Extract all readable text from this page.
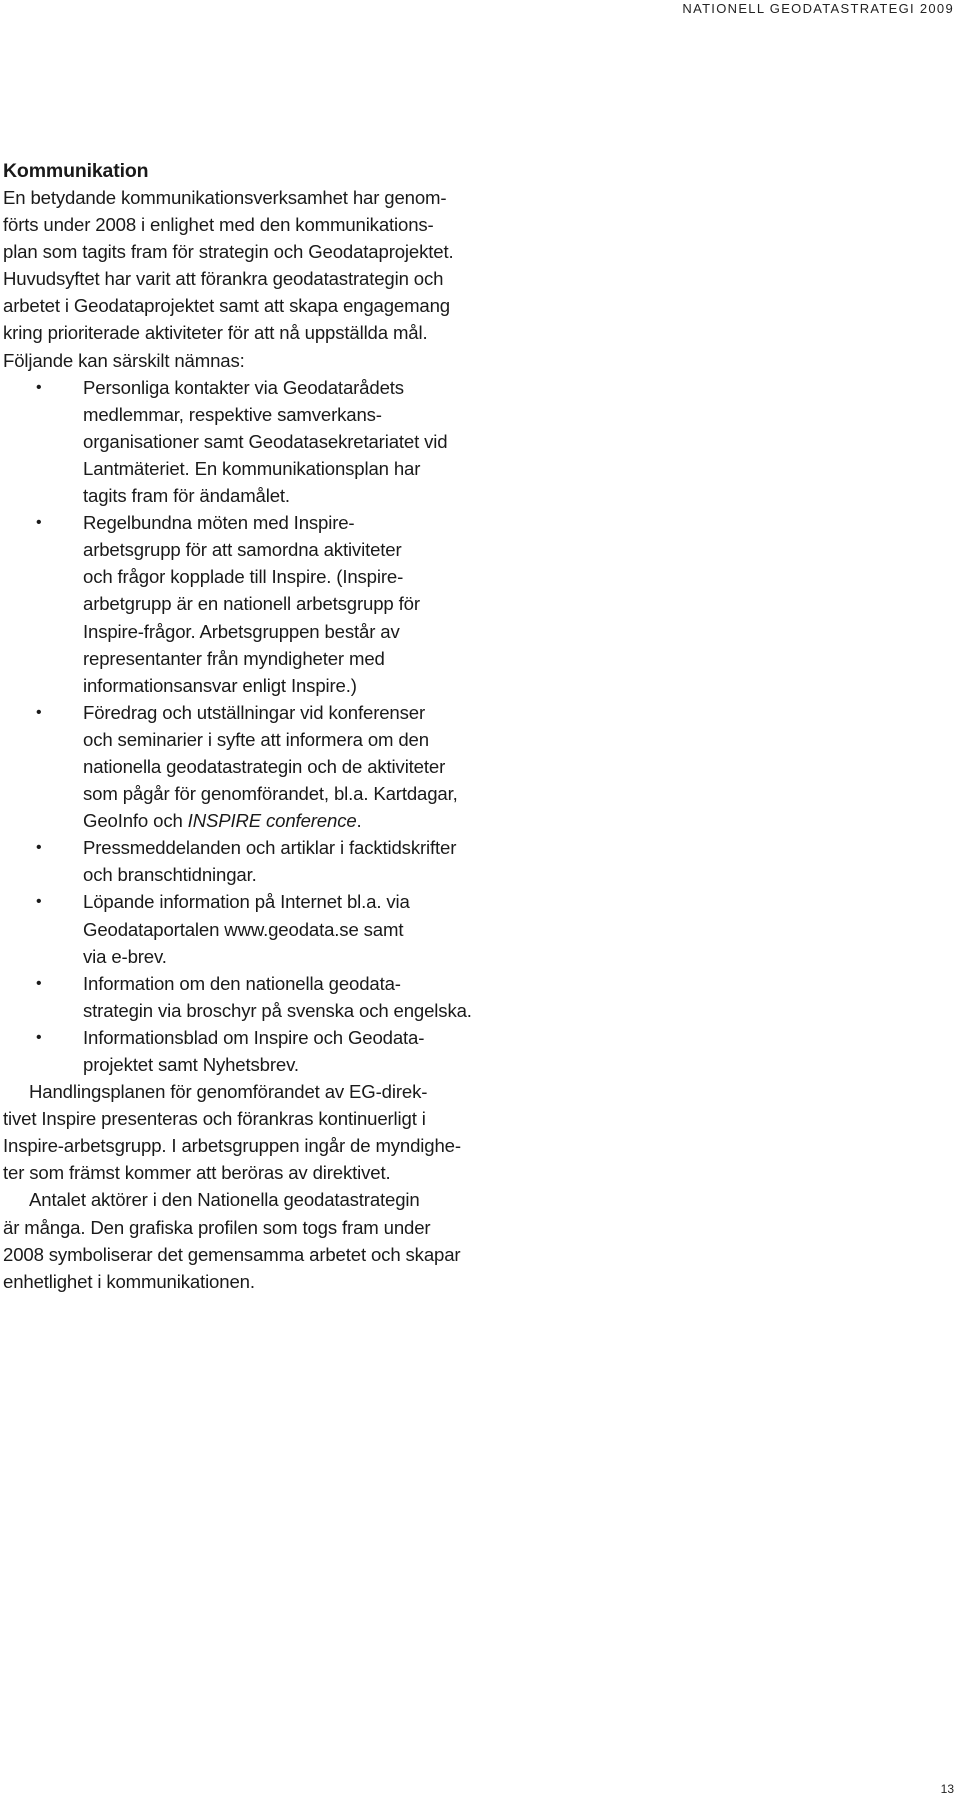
NATIONELL GEODATASTRATEGI 2009
Kommunikation

En betydande kommunikationsverksamhet har genom-
förts under 2008 i enlighet med den kommunikations-
plan som tagits fram för strategin och Geodataprojektet.
Huvudsyftet har varit att förankra geodatastrategin och
arbetet i Geodataprojektet samt att skapa engagemang
kring prioriterade aktiviteter för att nå uppställda mål.
Följande kan särskilt nämnas:

• Personliga kontakter via Geodatarådets
medlemmar, respektive samverkans-
organisationer samt Geodatasekretariatet vid
Lantmäteriet. En kommunikationsplan har
tagits fram för ändamålet.
• Regelbundna möten med Inspire-
arbetsgrupp för att samordna aktiviteter
och frågor kopplade till Inspire. (Inspire-
arbetgrupp är en nationell arbetsgrupp för
Inspire-frågor. Arbetsgruppen består av
representanter från myndigheter med
informationsansvar enligt Inspire.)
• Föredrag och utställningar vid konferenser
och seminarier i syfte att informera om den
nationella geodatastrategin och de aktiviteter
som pågår för genomförandet, bl.a. Kartdagar,
GeoInfo och INSPIRE conference.
• Pressmeddelanden och artiklar i facktidskrifter
och branschtidningar.
• Löpande information på Internet bl.a. via
Geodataportalen www.geodata.se samt
via e-brev.
• Information om den nationella geodata-
strategin via broschyr på svenska och engelska.
• Informationsblad om Inspire och Geodata-
projektet samt Nyhetsbrev.

Handlingsplanen för genomförandet av EG-direk-
tivet Inspire presenteras och förankras kontinuerligt i
Inspire-arbetsgrupp. I arbetsgruppen ingår de myndighe-
ter som främst kommer att beröras av direktivet.

Antalet aktörer i den Nationella geodatastrategin
är många. Den grafiska profilen som togs fram under
2008 symboliserar det gemensamma arbetet och skapar
enhetlighet i kommunikationen.

13
